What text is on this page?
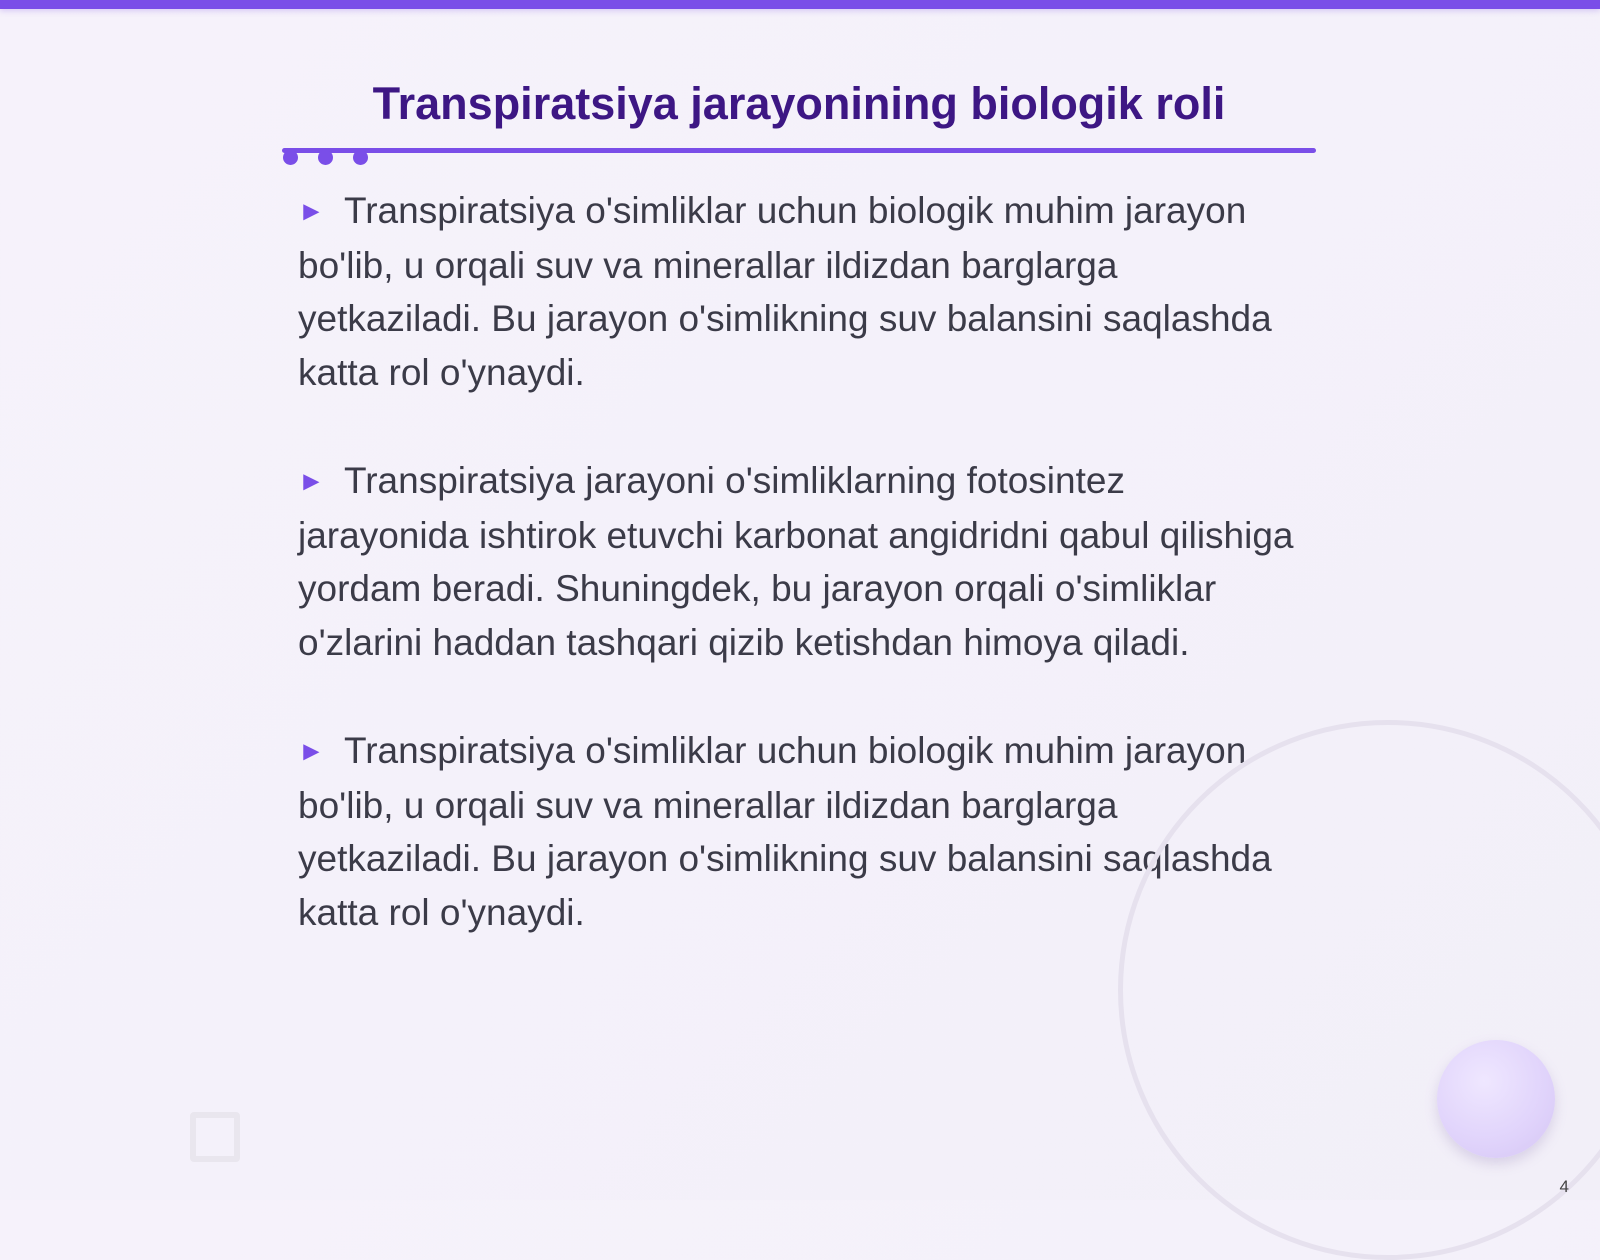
Transpiratsiya jarayonining biologik roli
► Transpiratsiya o'simliklar uchun biologik muhim jarayon bo'lib, u orqali suv va minerallar ildizdan barglarga yetkaziladi. Bu jarayon o'simlikning suv balansini saqlashda katta rol o'ynaydi.
► Transpiratsiya jarayoni o'simliklarning fotosintez jarayonida ishtirok etuvchi karbonat angidridni qabul qilishiga yordam beradi. Shuningdek, bu jarayon orqali o'simliklar o'zlarini haddan tashqari qizib ketishdan himoya qiladi.
► Transpiratsiya o'simliklar uchun biologik muhim jarayon bo'lib, u orqali suv va minerallar ildizdan barglarga yetkaziladi. Bu jarayon o'simlikning suv balansini saqlashda katta rol o'ynaydi.
4
